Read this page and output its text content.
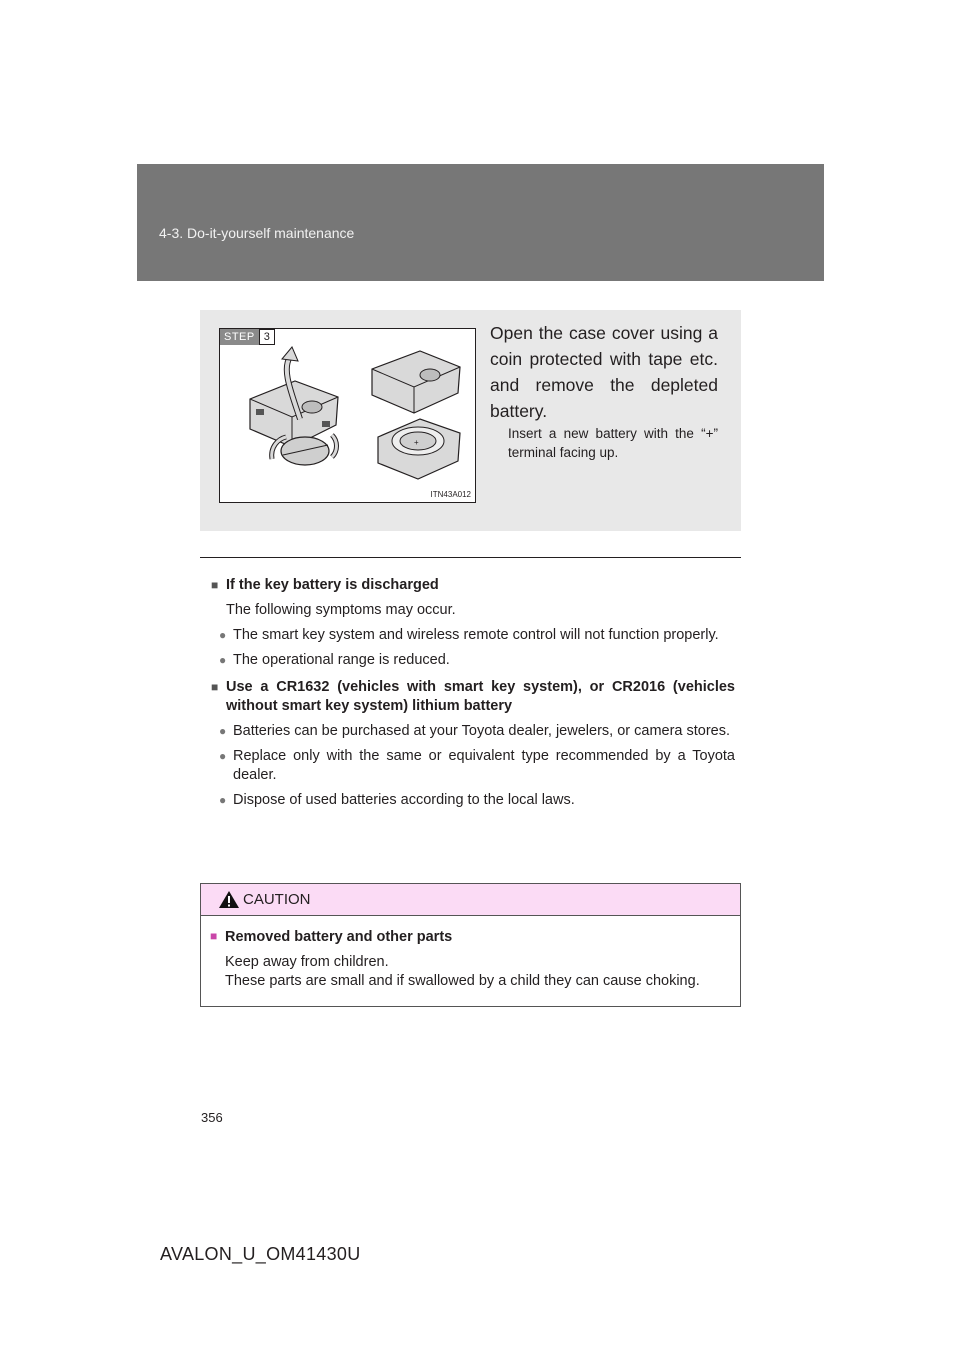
4-3. Do-it-yourself maintenance
STEP 3
+
ITN43A012
Open the case cover using a coin protected with tape etc. and remove the depleted battery.
Insert a new battery with the “+” terminal facing up.
■ If the key battery is discharged
The following symptoms may occur.
● The smart key system and wireless remote control will not function properly.
● The operational range is reduced.
■ Use a CR1632 (vehicles with smart key system), or CR2016 (vehicles without smart key system) lithium battery
● Batteries can be purchased at your Toyota dealer, jewelers, or camera stores.
● Replace only with the same or equivalent type recommended by a Toyota dealer.
● Dispose of used batteries according to the local laws.
CAUTION
■ Removed battery and other parts
Keep away from children.
These parts are small and if swallowed by a child they can cause choking.
356
AVALON_U_OM41430U
